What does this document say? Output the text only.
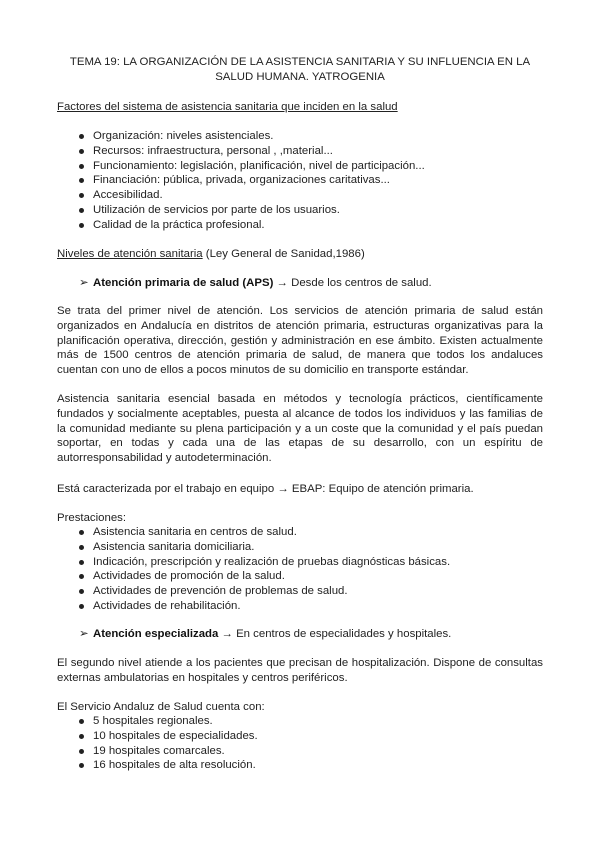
TEMA 19: LA ORGANIZACIÓN DE LA ASISTENCIA SANITARIA Y SU INFLUENCIA EN LA
SALUD HUMANA. YATROGENIA
Factores del sistema de asistencia sanitaria que inciden en la salud
Organización: niveles asistenciales.
Recursos: infraestructura, personal , ,material...
Funcionamiento: legislación, planificación, nivel de participación...
Financiación: pública, privada, organizaciones caritativas...
Accesibilidad.
Utilización de servicios por parte de los usuarios.
Calidad de la práctica profesional.
Niveles de atención sanitaria (Ley General de Sanidad,1986)
➢ Atención primaria de salud (APS) → Desde los centros de salud.
Se trata del primer nivel de atención. Los servicios de atención primaria de salud están organizados en Andalucía en distritos de atención primaria, estructuras organizativas para la planificación operativa, dirección, gestión y administración en ese ámbito. Existen actualmente más de 1500 centros de atención primaria de salud, de manera que todos los andaluces cuentan con uno de ellos a pocos minutos de su domicilio en transporte estándar.
Asistencia sanitaria esencial basada en métodos y tecnología prácticos, científicamente fundados y socialmente aceptables, puesta al alcance de todos los individuos y las familias de la comunidad mediante su plena participación y a un coste que la comunidad y el país puedan soportar, en todas y cada una de las etapas de su desarrollo, con un espíritu de autorresponsabilidad y autodeterminación.
Está caracterizada por el trabajo en equipo → EBAP: Equipo de atención primaria.
Prestaciones:
Asistencia sanitaria en centros de salud.
Asistencia sanitaria domiciliaria.
Indicación, prescripción y realización de pruebas diagnósticas básicas.
Actividades de promoción de la salud.
Actividades de prevención de problemas de salud.
Actividades de rehabilitación.
➢ Atención especializada → En centros de especialidades y hospitales.
El segundo nivel atiende a los pacientes que precisan de hospitalización. Dispone de consultas externas ambulatorias en hospitales y centros periféricos.
El Servicio Andaluz de Salud cuenta con:
5 hospitales regionales.
10 hospitales de especialidades.
19 hospitales comarcales.
16 hospitales de alta resolución.
